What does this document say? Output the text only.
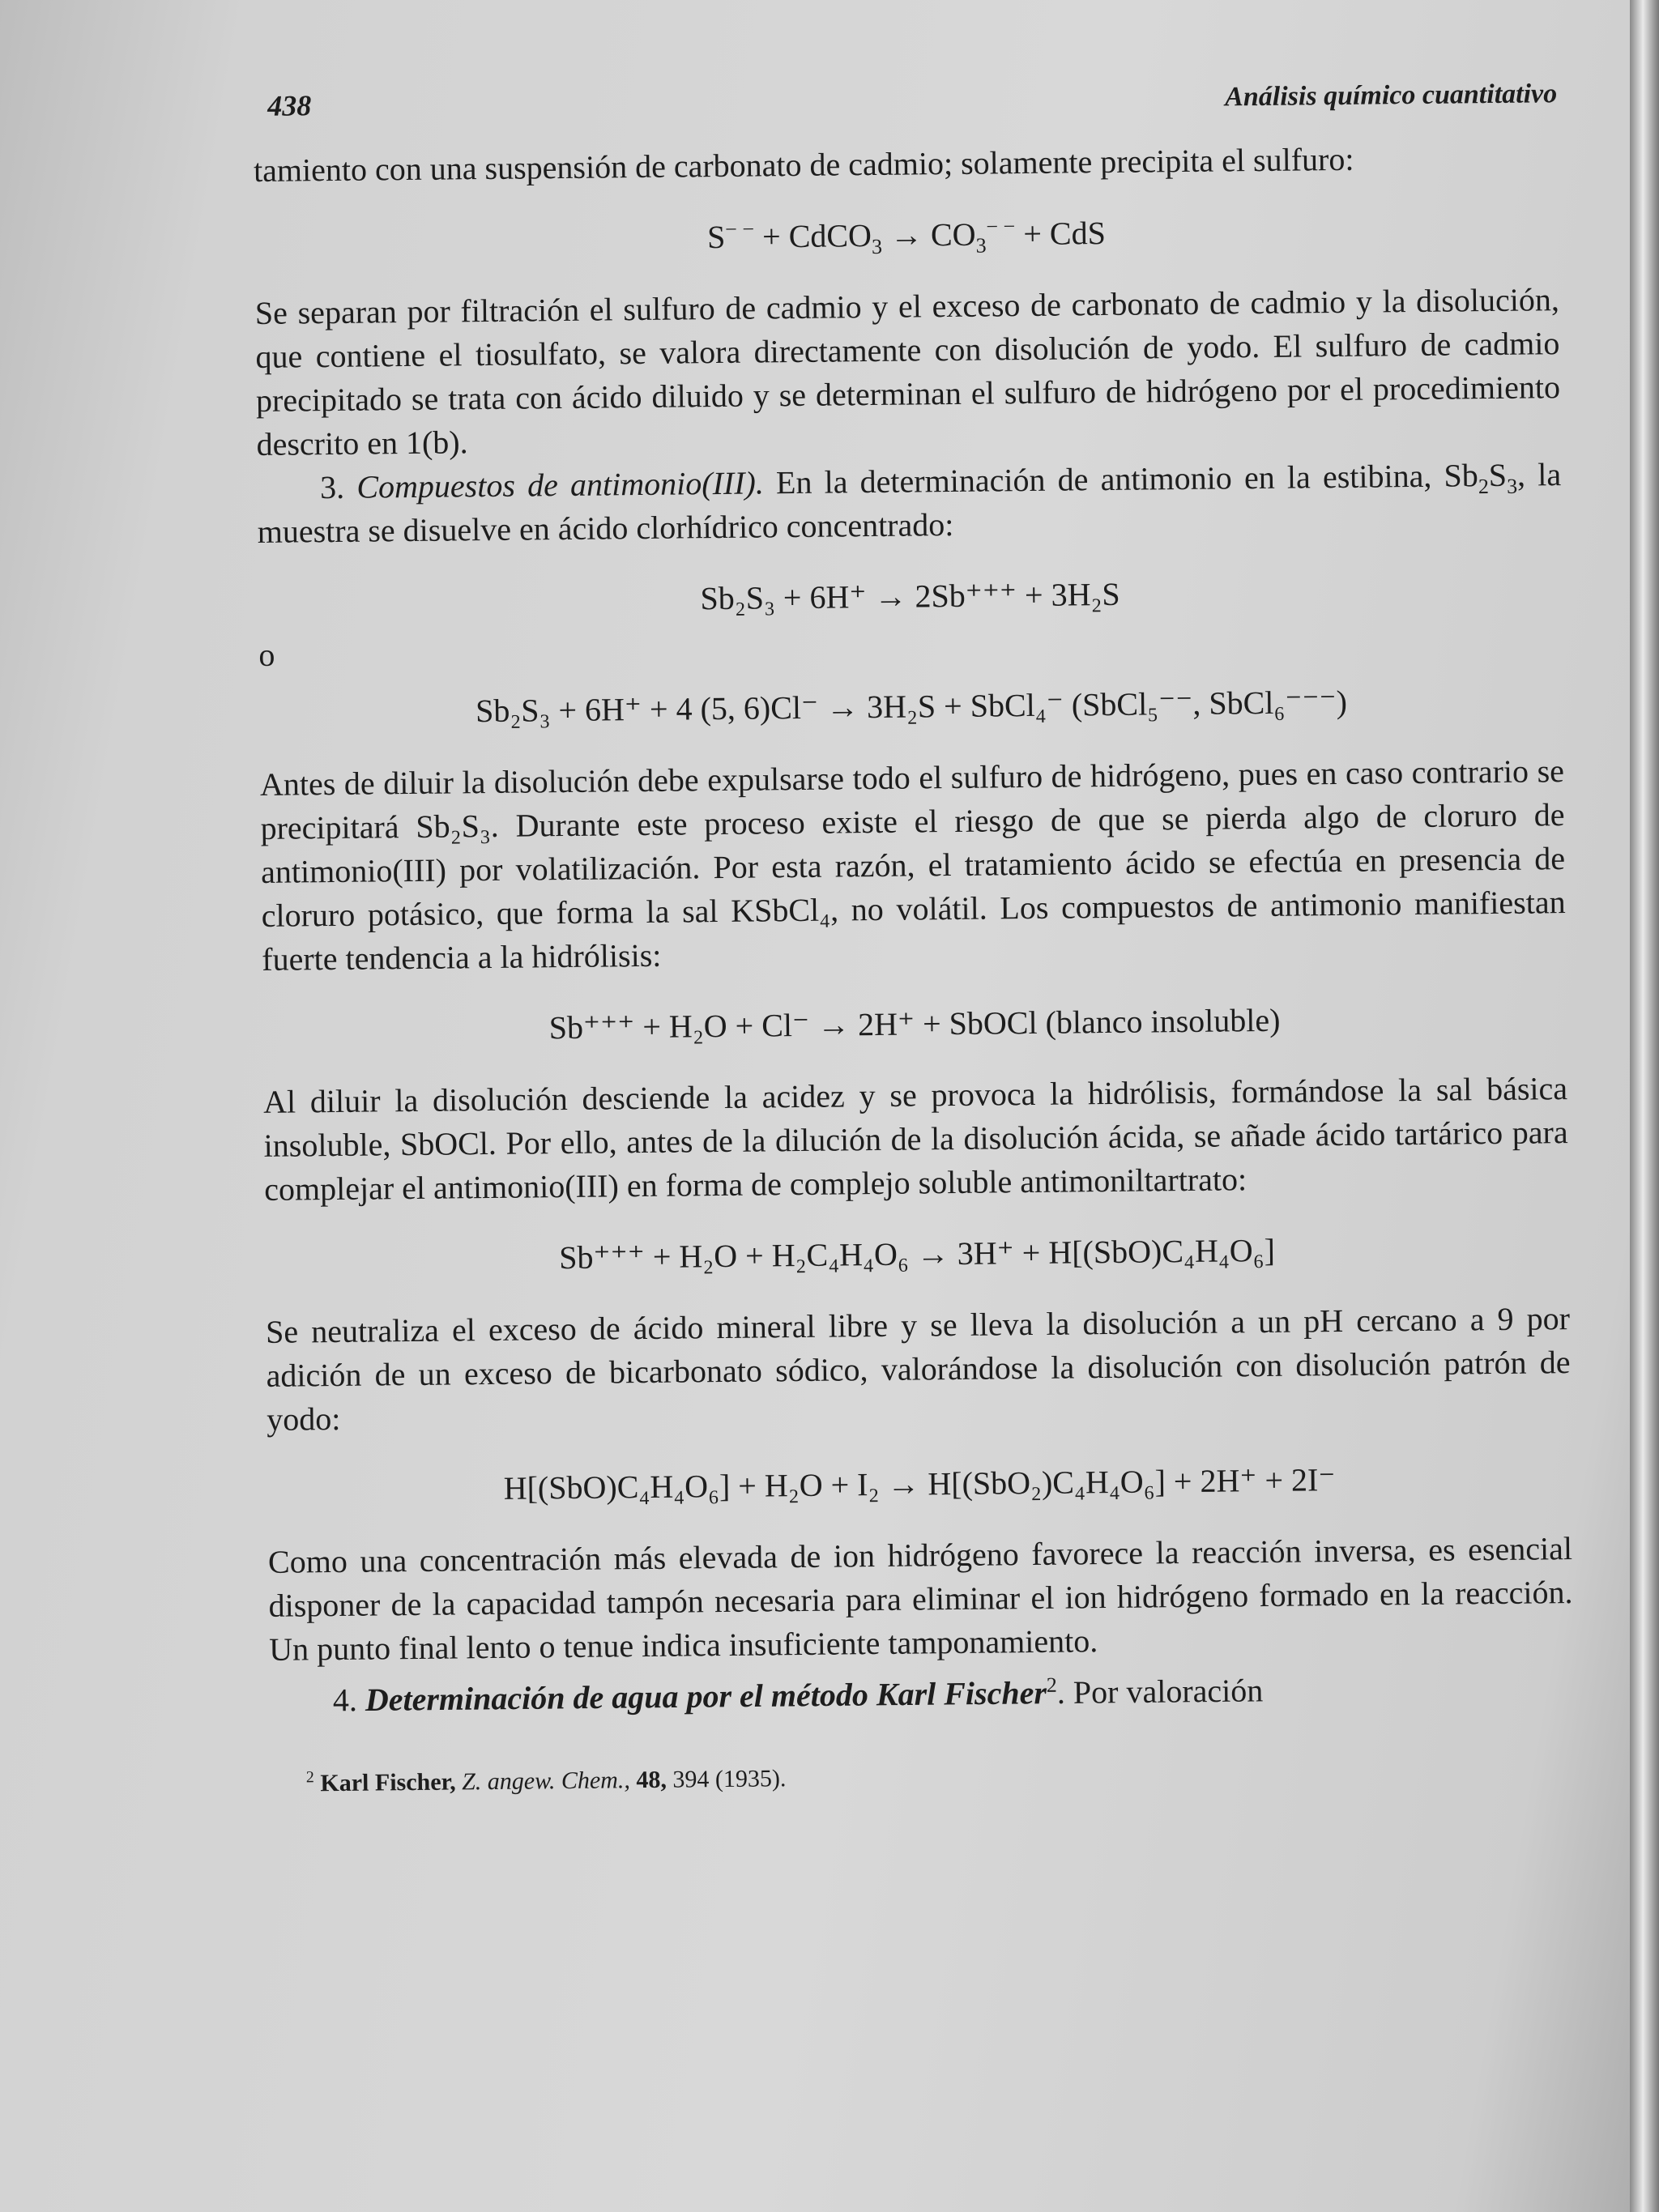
438	Análisis químico cuantitativo

tamiento con una suspensión de carbonato de cadmio; solamente precipita el sulfuro:

S− − + CdCO$_3$ → $CO_3^{- -}$ + CdS

Se separan por filtración el sulfuro de cadmio y el exceso de carbonato de cadmio y la disolución, que contiene el tiosulfato, se valora directamente con disolución de yodo. El sulfuro de cadmio precipitado se trata con ácido diluido y se determinan el sulfuro de hidrógeno por el procedimiento descrito en 1(b).

3. Compuestos de antimonio(III). En la determinación de antimonio en la estibina, $Sb_2S_3$, la muestra se disuelve en ácido clorhídrico concentrado:

Sb₂S₃ + 6H⁺ → 2Sb⁺⁺⁺ + 3H₂S
o
Sb₂S₃ + 6H⁺ + 4 (5, 6)Cl⁻ → 3H₂S + SbCl₄⁻ (SbCl₅⁻⁻, SbCl₆⁻⁻⁻)

Antes de diluir la disolución debe expulsarse todo el sulfuro de hidrógeno, pues en caso contrario se precipitará Sb₂S₃. Durante este proceso existe el riesgo de que se pierda algo de cloruro de antimonio(III) por volatilización. Por esta razón, el tratamiento ácido se efectúa en presencia de cloruro potásico, que forma la sal KSbCl₄, no volátil. Los compuestos de antimonio manifiestan fuerte tendencia a la hidrólisis:

Sb⁺⁺⁺ + H₂O + Cl⁻ → 2H⁺ + SbOCl (blanco insoluble)

Al diluir la disolución desciende la acidez y se provoca la hidrólisis, formándose la sal básica insoluble, SbOCl. Por ello, antes de la dilución de la disolución ácida, se añade ácido tartárico para complejar el antimonio(III) en forma de complejo soluble antimoniltartrato:

Sb⁺⁺⁺ + H₂O + H₂C₄H₄O₆ → 3H⁺ + H[(SbO)C₄H₄O₆]

Se neutraliza el exceso de ácido mineral libre y se lleva la disolución a un pH cercano a 9 por adición de un exceso de bicarbonato sódico, valorándose la disolución con disolución patrón de yodo:

H[(SbO)C₄H₄O₆] + H₂O + I₂ → H[(SbO₂)C₄H₄O₆] + 2H⁺ + 2I⁻

Como una concentración más elevada de ion hidrógeno favorece la reacción inversa, es esencial disponer de la capacidad tampón necesaria para eliminar el ion hidrógeno formado en la reacción. Un punto final lento o tenue indica insuficiente tamponamiento.

4. Determinación de agua por el método Karl Fischer$^2$. Por valoración

$^2$ Karl Fischer, Z. angew. Chem., 48, 394 (1935).
